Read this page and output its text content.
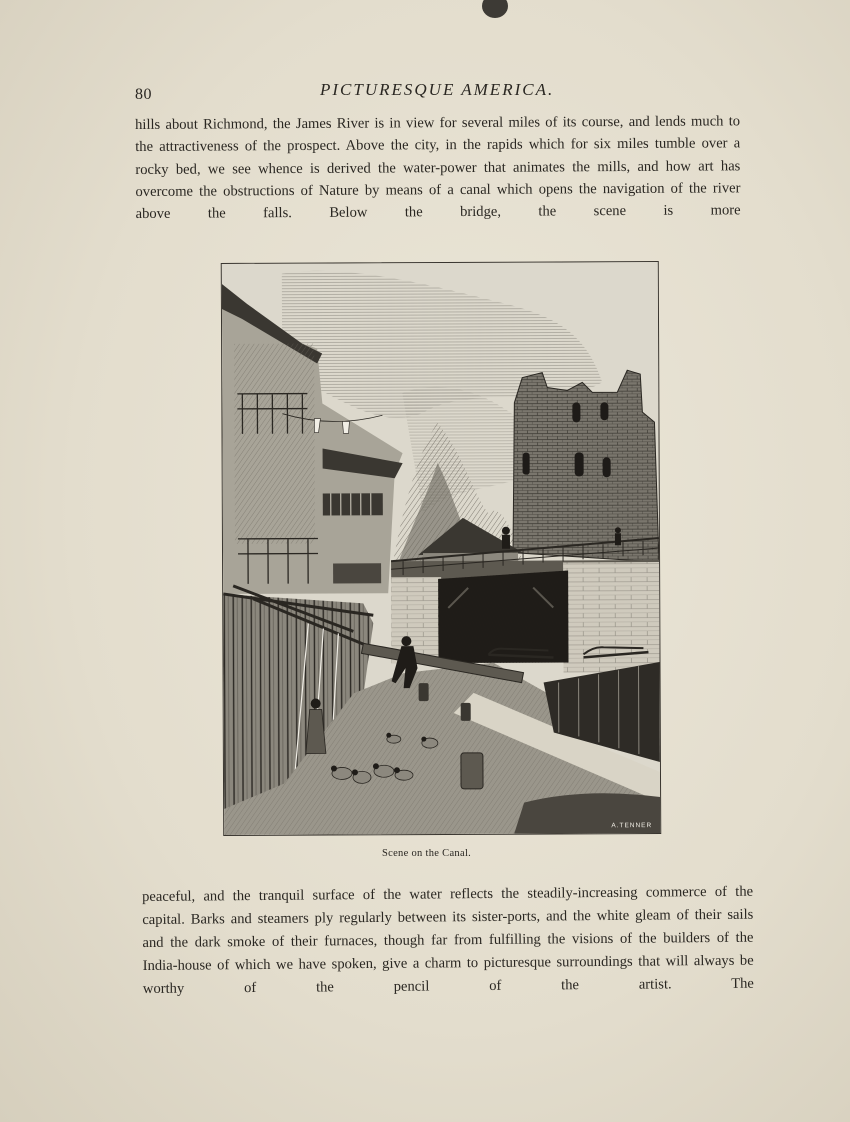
80	PICTURESQUE AMERICA.
hills about Richmond, the James River is in view for several miles of its course, and lends much to the attractiveness of the prospect. Above the city, in the rapids which for six miles tumble over a rocky bed, we see whence is derived the water-power that animates the mills, and how art has overcome the obstructions of Nature by means of a canal which opens the navigation of the river above the falls. Below the bridge, the scene is more
A.TENNER
Scene on the Canal.
peaceful, and the tranquil surface of the water reflects the steadily-increasing commerce of the capital. Barks and steamers ply regularly between its sister-ports, and the white gleam of their sails and the dark smoke of their furnaces, though far from fulfilling the visions of the builders of the India-house of which we have spoken, give a charm to picturesque surroundings that will always be worthy of the pencil of the artist. The
